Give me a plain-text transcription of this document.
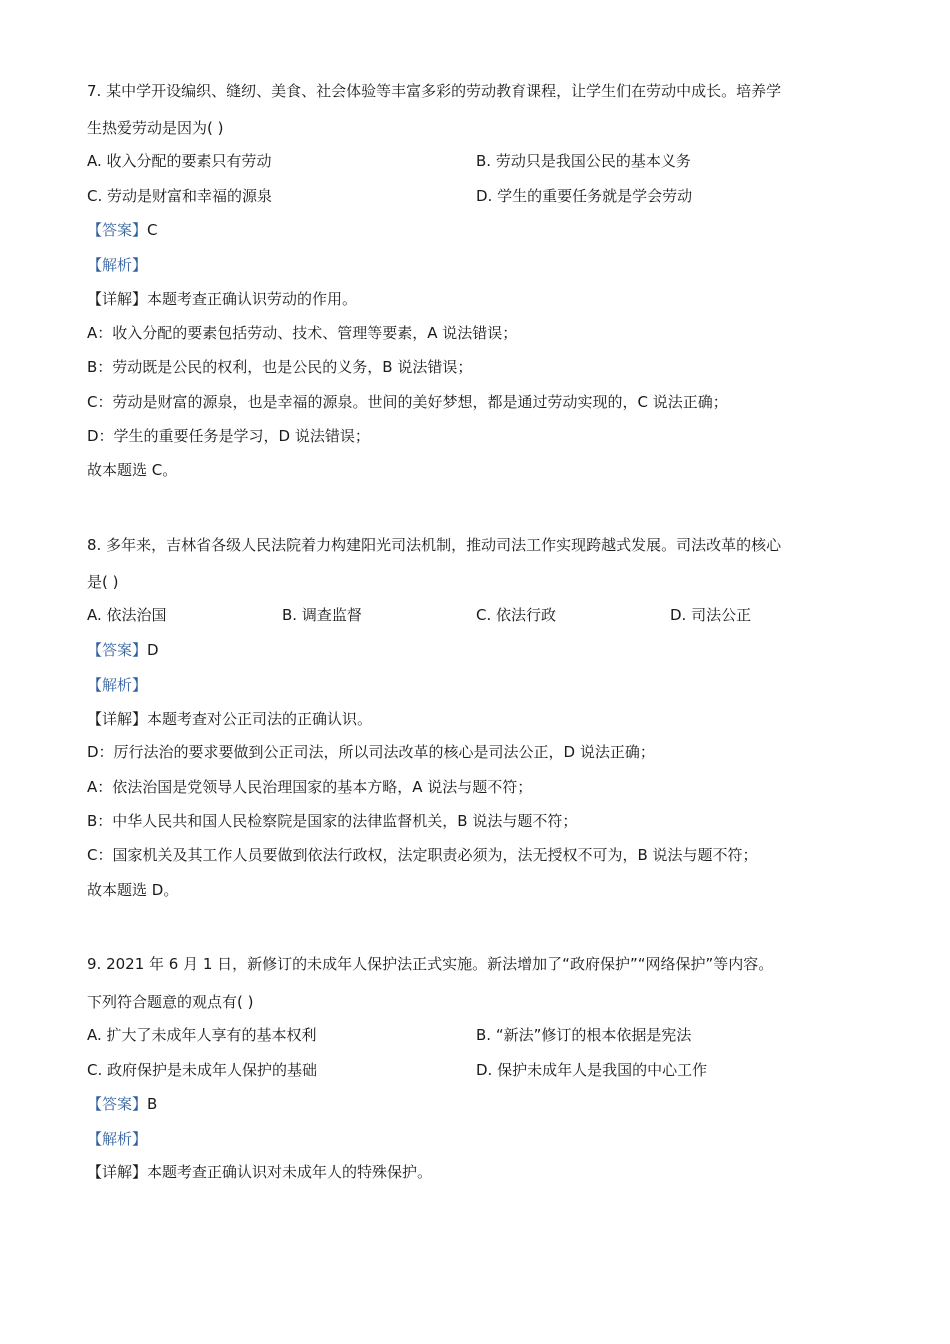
7. 某中学开设编织、缝纫、美食、社会体验等丰富多彩的劳动教育课程，让学生们在劳动中成长。培养学
生热爱劳动是因为( )
A. 收入分配的要素只有劳动	B. 劳动只是我国公民的基本义务
C. 劳动是财富和幸福的源泉	D. 学生的重要任务就是学会劳动
【答案】C
【解析】
【详解】本题考查正确认识劳动的作用。
A：收入分配的要素包括劳动、技术、管理等要素，A 说法错误；
B：劳动既是公民的权利，也是公民的义务，B 说法错误；
C：劳动是财富的源泉，也是幸福的源泉。世间的美好梦想，都是通过劳动实现的，C 说法正确；
D：学生的重要任务是学习，D 说法错误；
故本题选 C。
8. 多年来，吉林省各级人民法院着力构建阳光司法机制，推动司法工作实现跨越式发展。司法改革的核心
是( )
A. 依法治国	B. 调查监督	C. 依法行政	D. 司法公正
【答案】D
【解析】
【详解】本题考查对公正司法的正确认识。
D：厉行法治的要求要做到公正司法，所以司法改革的核心是司法公正，D 说法正确；
A：依法治国是党领导人民治理国家的基本方略，A 说法与题不符；
B：中华人民共和国人民检察院是国家的法律监督机关，B 说法与题不符；
C：国家机关及其工作人员要做到依法行政权，法定职责必须为，法无授权不可为，B 说法与题不符；
故本题选 D。
9. 2021 年 6 月 1 日，新修订的未成年人保护法正式实施。新法增加了“政府保护”“网络保护”等内容。
下列符合题意的观点有( )
A. 扩大了未成年人享有的基本权利	B. “新法”修订的根本依据是宪法
C. 政府保护是未成年人保护的基础	D. 保护未成年人是我国的中心工作
【答案】B
【解析】
【详解】本题考查正确认识对未成年人的特殊保护。
